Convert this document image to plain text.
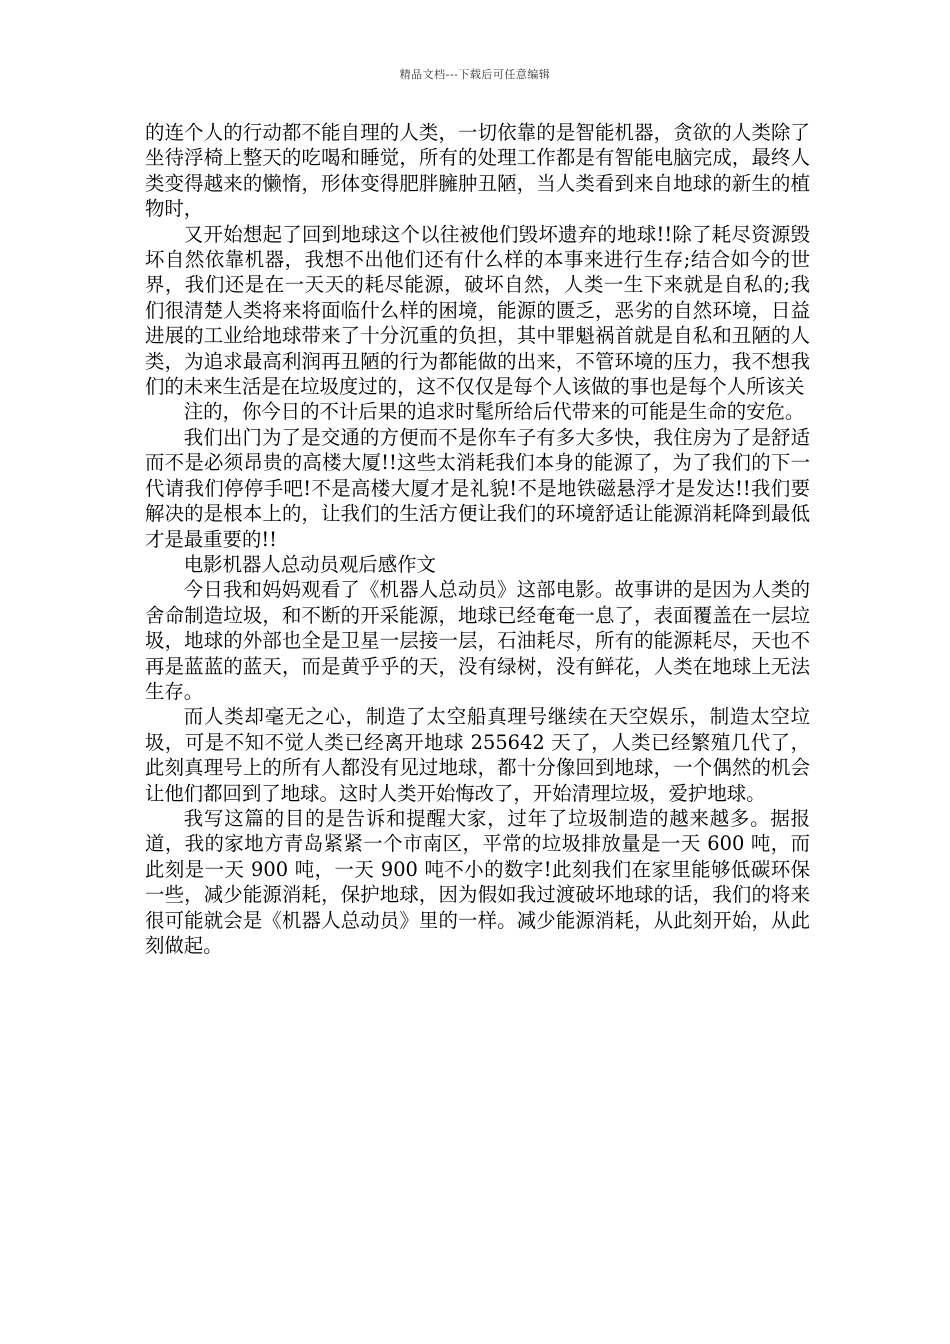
精品文档---下载后可任意编辑

的连个人的行动都不能自理的人类，一切依靠的是智能机器，贪欲的人类除了坐待浮椅上整天的吃喝和睡觉，所有的处理工作都是有智能电脑完成，最终人类变得越来的懒惰，形体变得肥胖臃肿丑陋，当人类看到来自地球的新生的植物时，

又开始想起了回到地球这个以往被他们毁坏遗弃的地球!!除了耗尽资源毁坏自然依靠机器，我想不出他们还有什么样的本事来进行生存;结合如今的世界，我们还是在一天天的耗尽能源，破坏自然，人类一生下来就是自私的;我们很清楚人类将来将面临什么样的困境，能源的匮乏，恶劣的自然环境，日益进展的工业给地球带来了十分沉重的负担，其中罪魁祸首就是自私和丑陋的人类，为追求最高利润再丑陋的行为都能做的出来，不管环境的压力，我不想我们的未来生活是在垃圾度过的，这不仅仅是每个人该做的事也是每个人所该关

注的，你今日的不计后果的追求时髦所给后代带来的可能是生命的安危。

我们出门为了是交通的方便而不是你车子有多大多快，我住房为了是舒适而不是必须昂贵的高楼大厦!!这些太消耗我们本身的能源了，为了我们的下一代请我们停停手吧!不是高楼大厦才是礼貌!不是地铁磁悬浮才是发达!!我们要解决的是根本上的，让我们的生活方便让我们的环境舒适让能源消耗降到最低才是最重要的!!

电影机器人总动员观后感作文

今日我和妈妈观看了《机器人总动员》这部电影。故事讲的是因为人类的舍命制造垃圾，和不断的开采能源，地球已经奄奄一息了，表面覆盖在一层垃圾，地球的外部也全是卫星一层接一层，石油耗尽，所有的能源耗尽，天也不再是蓝蓝的蓝天，而是黄乎乎的天，没有绿树，没有鲜花，人类在地球上无法生存。

而人类却毫无之心，制造了太空船真理号继续在天空娱乐，制造太空垃圾，可是不知不觉人类已经离开地球 255642 天了，人类已经繁殖几代了，此刻真理号上的所有人都没有见过地球，都十分像回到地球，一个偶然的机会让他们都回到了地球。这时人类开始悔改了，开始清理垃圾，爱护地球。

我写这篇的目的是告诉和提醒大家，过年了垃圾制造的越来越多。据报道，我的家地方青岛紧紧一个市南区，平常的垃圾排放量是一天 600 吨，而此刻是一天 900 吨，一天 900 吨不小的数字!此刻我们在家里能够低碳环保一些，减少能源消耗，保护地球，因为假如我过渡破坏地球的话，我们的将来很可能就会是《机器人总动员》里的一样。减少能源消耗，从此刻开始，从此刻做起。
